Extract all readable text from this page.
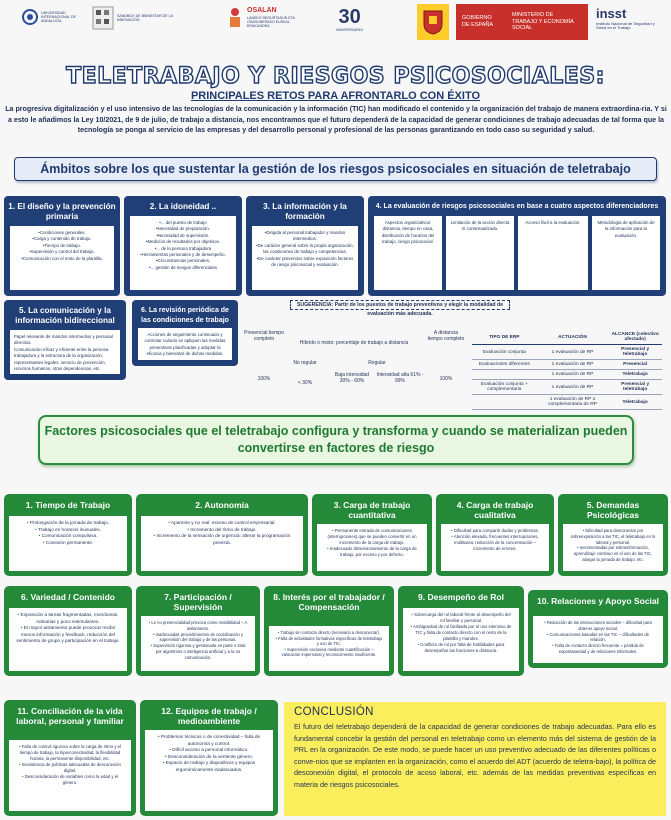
UNIVERSIDAD INTERNACIONAL DE ANDALUCÍA
SANDBOX DE BIENESTAR DE LA INNOVACIÓN
OSALAN
LANEKO SEGURTASUN ETA OSASUNERAKO EUSKAL ERAKUNDEA	30
ANIVERSARIO
GOBIERNO DE ESPAÑA
MINISTERIO DE TRABAJO Y ECONOMÍA SOCIAL
insst
Instituto Nacional de Seguridad y Salud en el Trabajo
TELETRABAJO Y RIESGOS PSICOSOCIALES:
PRINCIPALES RETOS PARA AFRONTARLO CON ÉXITO
La progresiva digitalización y el uso intensivo de las tecnologías de la comunicación y la información (TIC) han modificado el contenido y la organización del trabajo de manera extraordina-ria. Y si a esto le añadimos la Ley 10/2021, de 9 de julio, de trabajo a distancia, nos encontramos que el futuro dependerá de la capacidad de generar condiciones de trabajo adecuadas de tal forma que la tecnología se ponga al servicio de las empresas y del desarrollo personal y profesional de las personas garantizando en todo caso su seguridad y salud.
Ámbitos sobre los que sustentar la gestión de los riesgos psicosociales en situación de teletrabajo
1. El diseño y la prevención primaria
• Condiciones generales.
• Carga y contenido de trabajo.
• Tiempo de trabajo.
• Supervisión y control del trabajo.
• Comunicación con el resto de la plantilla.
2. La idoneidad ..
• ... del puesto de trabajo
• Necesidad de preparación.
• Necesidad de supervisión.
• Medición de resultados por objetivos.
• ... de la persona trabajadora
• Herramientas personales y de desempeño.
• Circunstancias personales.
• ... gestión de riesgos diferenciales
3. La información y la formación
• Dirigida al personal trabajador y mandos intermedios:
• De carácter general sobre la propia organización, las condiciones de trabajo y competencias.
• De carácter preventivo sobre exposición factores de riesgo psicosocial y evaluación.
4. La evaluación de riesgos psicosociales en base a cuatro aspectos diferenciadores
Aspectos organizativos: distancia, tiempo en casa, distribución de horarios del trabajo, riesgo psicosocial.
Limitación de la acción directa ni contextualizada.
Acceso fácil a la evaluación.	Metodología de aplicación de la información para la evaluación.
5. La comunicación y la información bidireccional
Papel relevante de mandos intermedios y personal directivo.
Comunicación eficaz y eficiente entre la persona trabajadora y la estructura de la organización, representantes legales, servicio de prevención, recursos humanos, otras dependencias, etc.
6. La revisión periódica de las condiciones de trabajo
Acciones de seguimiento continuado y controlar cuándo se apliquen las medidas preventivas planificadas y adoptar la eficacia y bienestar de dichas medidas.
SUGERENCIA: Partir de los puestos de trabajo preventivos y elegir la modalidad de evaluación más adecuada.
Presencial tiempo completo
Híbrido o mixto: porcentaje de trabajo a distancia
A distancia tiempo completo
No regular	Regular
100%
< 30%
Baja intensidad 30% - 60%
Intensidad alta 61% - 99%	100%
TIPO DE ERP	ACTUACIÓN	ALCANCE (colectivo afectado)
Evaluación conjunta	1 evaluación de RP	Presencial y teletrabajo
Evaluaciones diferentes	1 evaluación de RP	Presencial
	1 evaluación de RP	Teletrabajo
Evaluación conjunta + complementaria	1 evaluación de RP	Presencial y teletrabajo
	1 evaluación de RP o complementaria de RP	Teletrabajo
Factores psicosociales que el teletrabajo configura y transforma y cuando se materializan pueden convertirse en factores de riesgo
1. Tiempo de Trabajo
• Prolongación de la jornada de trabajo.
• Trabajo en horarios inusuales.
• Comunicación compulsiva.
• Conexión permanente.
2. Autonomía
• Aparente y no real: exceso de control empresarial.
• Incremento del ritmo de trabajo.
• Incremento de la sensación de urgencia: alterar la programación prevista.
3. Carga de trabajo cuantitativa
• Permanente entrada de comunicaciones (interrupciones) que se pueden convertir en un incremento de la carga de trabajo.
• Inadecuado dimensionamiento de la carga de trabajo, por exceso y por defecto.
4. Carga de trabajo cualitativa
• Dificultad para compartir dudas y problemas.
• Atención elevada, frecuentes interrupciones, multitarea: reducción de la concentración – incremento de errores.
5. Demandas Psicológicas
• Dificultad para desconectar por sobreexposición a las TIC, el teletrabajo en lo laboral y personal.
• Incrementadas por sobreinformación, aprendizaje continuo en el uso de las TIC, alargar la jornada de trabajo, etc.
6. Variedad / Contenido
• Exposición a tareas fragmentadas, monótonas, rutinarias y poco estimulantes.
• El mayor aislamiento puede provocar recibir menos información y feedback, reducción del sentimiento de grupo y participación en el trabajo.
7. Participación / Supervisión
• Le no presencialidad provoca como invisibilidad – A aislamiento.
• Inadecuadas procedimientos de coordinación y supervisión del trabajo y de las personas.
• Supervisión rigurosa y gestionada en parte o total por algoritmos o inteligencia artificial y a la no comunicación.
8. Interés por el trabajador / Compensación
• Trabajo sin contacto directo (necesario a desconectar).
• Falta de actividades formativas específicas de teletrabajo y uso de TIC.
• Supervisión exclusiva mediante cuantificación – valoración impersonal y reconocimiento insuficiente.
9. Desempeño de Rol
• Sobrecarga del rol laboral frente al desempeño del rol familiar y personal.
• Ambigüedad de rol facilitada por el uso intensivo de TIC y falta de contacto directo con el resto de la plantilla y mandos.
• Conflicto de rol por falta de habilidades para desempeñar las funciones a distancia.
10. Relaciones y Apoyo Social
• Reducción de las interacciones sociales – dificultad para obtener apoyo social.
• Comunicaciones basadas en las TIC – dificultades de relación.
• Falta de contacto directo frecuente = pérdida de espontaneidad y de relaciones informales.
11. Conciliación de la vida laboral, personal y familiar
• Falta de control riguroso sobre la carga de ritmo y el tiempo de trabajo, la hiperconectividad, la flexibilidad horaria, la permanente disponibilidad, etc.
• Inexistencia de políticas adecuadas de desconexión digital.
• Desconsideración de variables como la edad y el género.
12. Equipos de trabajo / medioambiente
• Problemas técnicos o de conectividad – falta de autonomía y control.
• Difícil acceso a personal informático.
• Desconsideración de la vertiente género.
• Espacio de trabajo y dispositivos y equipos ergonómicamente inadecuados.
CONCLUSIÓN

El futuro del teletrabajo dependerá de la capacidad de generar condiciones de trabajo adecuadas. Para ello es fundamental concebir la gestión del personal en teletrabajo como un elemento más del sistema de gestión de la PRL en la organización. De este modo, se puede hacer un uso preventivo adecuado de las diferentes políticas o conve-nios que se implanten en la organización, como el acuerdo del ADT (acuerdo de teletra-bajo), la política de desconexión digital, el protocolo de acoso laboral, etc. además de las medidas preventivas específicas en materia de riesgos psicosociales.
